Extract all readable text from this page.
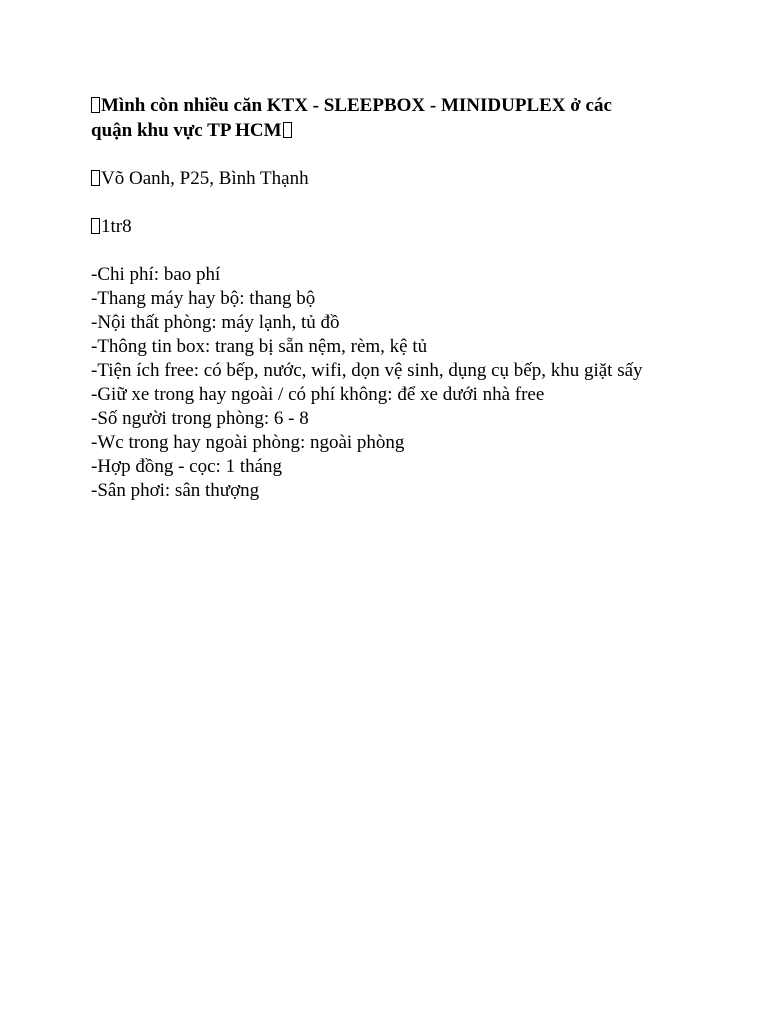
Mình còn nhiều căn KTX - SLEEPBOX - MINIDUPLEX ở các
quận khu vực TP HCM

Võ Oanh, P25, Bình Thạnh

1tr8

-Chi phí: bao phí
-Thang máy hay bộ: thang bộ
-Nội thất phòng: máy lạnh, tủ đồ
-Thông tin box: trang bị sẵn nệm, rèm, kệ tủ
-Tiện ích free: có bếp, nước, wifi, dọn vệ sinh, dụng cụ bếp, khu giặt sấy
-Giữ xe trong hay ngoài / có phí không: để xe dưới nhà free
-Số người trong phòng: 6 - 8
-Wc trong hay ngoài phòng: ngoài phòng
-Hợp đồng - cọc: 1 tháng
-Sân phơi: sân thượng
